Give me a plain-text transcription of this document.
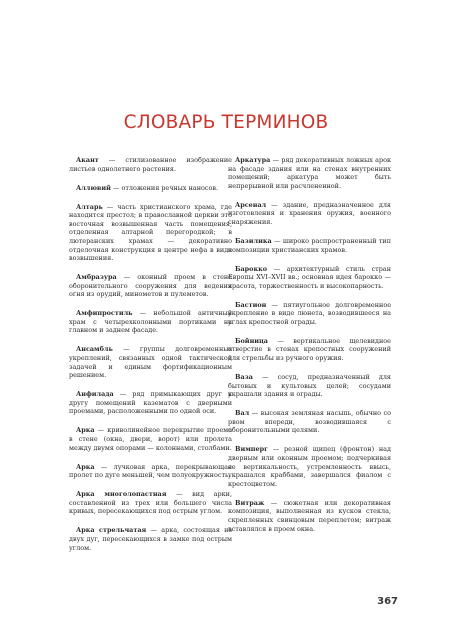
СЛОВАРЬ ТЕРМИНОВ

Акант — стилизованное изображение листьев однолетнего растения.

Аллювий — отложения речных наносов.

Алтарь — часть христианского храма, где находится престол; в православной церкви это восточная возвышенная часть помещения, отделенная алтарной перегородкой; в лютеранских храмах — декоративно отделочная конструкция в центре нефа в виде возвышения.

Амбразура — оконный проем в стене оборонительного сооружения для ведения огня из орудий, минометов и пулеметов.

Амфипростиль — небольшой античный храм с четырехколонными портиками на главном и заднем фасаде.

Ансамбль — группы долговременных укреплений, связанных одной тактической задачей и единым фортификационным решением.

Анфилада — ряд примыкающих друг к другу помещений казематов с дверными проемами, расположенными по одной оси.

Арка — криволинейное перекрытие проема в стене (окна, двери, ворот) или пролета между двумя опорами — колоннами, столбами.

Арка — лучковая арка, перекрывающая пролет по дуге меньшей, чем полуокружность.

Арка многолопастная — вид арки, составленной из трех или большего числа кривых, пересекающихся под острым углом.

Арка стрельчатая — арка, состоящая из двух дуг, пересекающихся в замке под острым углом.

Аркатура — ряд декоративных ложных арок на фасаде здания или на стенах внутренних помещений; аркатура может быть непрерывной или расчлененной.

Арсенал — здание, предназначенное для изготовления и хранения оружия, военного снаряжения.

Базилика — широко распространенный тип композиции христианских храмов.

Барокко — архитектурный стиль стран Европы XVI–XVII вв.; основная идея барокко — красота, торжественность и высокопарность.

Бастион — пятиугольное долговременное укрепление в виде люнета, возводившееся на углах крепостной ограды.

Бойница — вертикальное щелевидное отверстие в стенах крепостных сооружений для стрельбы из ручного оружия.

Ваза — сосуд, предназначенный для бытовых и культовых целей; сосудами украшали здания и ограды.

Вал — высокая земляная насыпь, обычно со рвом впереди, возводившаяся с оборонительными целями.

Вимперг — резной щипец (фронтон) над дверным или оконным проемом; подчеркивая ее вертикальность, устремленность ввысь, украшался краббами, завершался фиалом с крестоцветом.

Витраж — сюжетная или декоративная композиция, выполненная из кусков стекла, скрепленных свинцовым переплетом; витраж вставлялся в проем окна.

367
